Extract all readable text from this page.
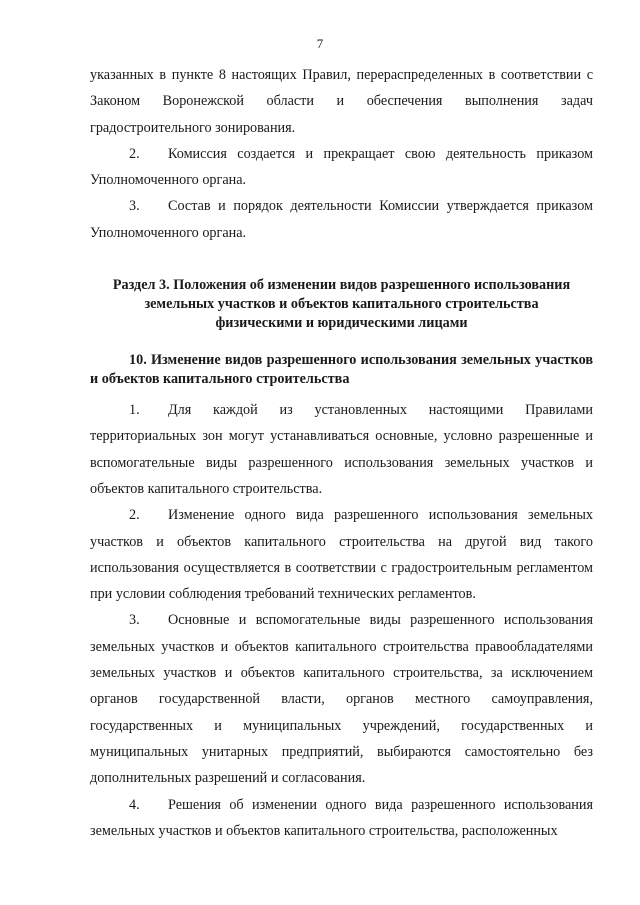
7

указанных в пункте 8 настоящих Правил, перераспределенных в соответствии с Законом Воронежской области и обеспечения выполнения задач градостроительного зонирования.

2. Комиссия создается и прекращает свою деятельность приказом Уполномоченного органа.

3. Состав и порядок деятельности Комиссии утверждается приказом Уполномоченного органа.

Раздел 3. Положения об изменении видов разрешенного использования земельных участков и объектов капитального строительства физическими и юридическими лицами
10. Изменение видов разрешенного использования земельных участков и объектов капитального строительства

1. Для каждой из установленных настоящими Правилами территориальных зон могут устанавливаться основные, условно разрешенные и вспомогательные виды разрешенного использования земельных участков и объектов капитального строительства.

2. Изменение одного вида разрешенного использования земельных участков и объектов капитального строительства на другой вид такого использования осуществляется в соответствии с градостроительным регламентом при условии соблюдения требований технических регламентов.

3. Основные и вспомогательные виды разрешенного использования земельных участков и объектов капитального строительства правообладателями земельных участков и объектов капитального строительства, за исключением органов государственной власти, органов местного самоуправления, государственных и муниципальных учреждений, государственных и муниципальных унитарных предприятий, выбираются самостоятельно без дополнительных разрешений и согласования.

4. Решения об изменении одного вида разрешенного использования земельных участков и объектов капитального строительства, расположенных
